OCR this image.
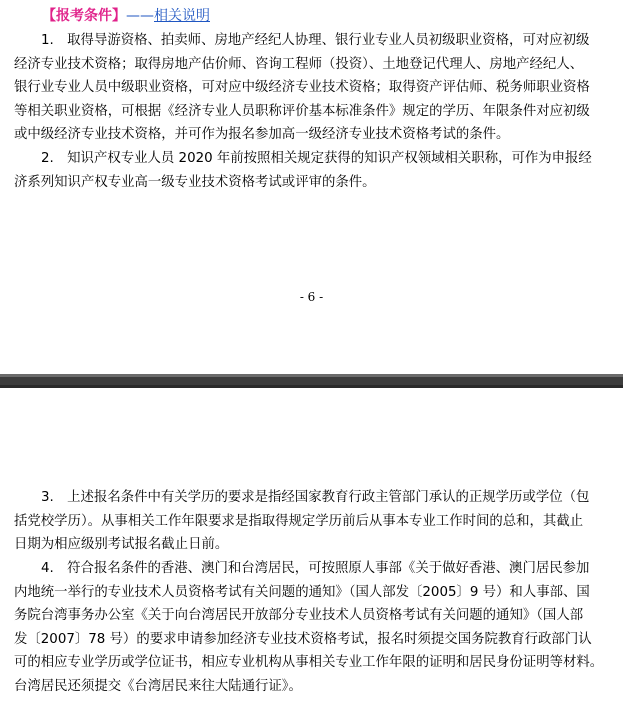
【报考条件】——相关说明
1.　取得导游资格、拍卖师、房地产经纪人协理、银行业专业人员初级职业资格，可对应初级
经济专业技术资格；取得房地产估价师、咨询工程师（投资）、土地登记代理人、房地产经纪人、
银行业专业人员中级职业资格，可对应中级经济专业技术资格；取得资产评估师、税务师职业资格
等相关职业资格，可根据《经济专业人员职称评价基本标准条件》规定的学历、年限条件对应初级
或中级经济专业技术资格，并可作为报名参加高一级经济专业技术资格考试的条件。
2.　知识产权专业人员 2020 年前按照相关规定获得的知识产权领域相关职称，可作为申报经
济系列知识产权专业高一级专业技术资格考试或评审的条件。
- 6 -
3.　上述报名条件中有关学历的要求是指经国家教育行政主管部门承认的正规学历或学位（包
括党校学历）。从事相关工作年限要求是指取得规定学历前后从事本专业工作时间的总和，其截止
日期为相应级别考试报名截止日前。
4.　符合报名条件的香港、澳门和台湾居民，可按照原人事部《关于做好香港、澳门居民参加
内地统一举行的专业技术人员资格考试有关问题的通知》（国人部发〔2005〕9 号）和人事部、国
务院台湾事务办公室《关于向台湾居民开放部分专业技术人员资格考试有关问题的通知》（国人部
发〔2007〕78 号）的要求申请参加经济专业技术资格考试，报名时须提交国务院教育行政部门认
可的相应专业学历或学位证书，相应专业机构从事相关专业工作年限的证明和居民身份证明等材料。
台湾居民还须提交《台湾居民来往大陆通行证》。
